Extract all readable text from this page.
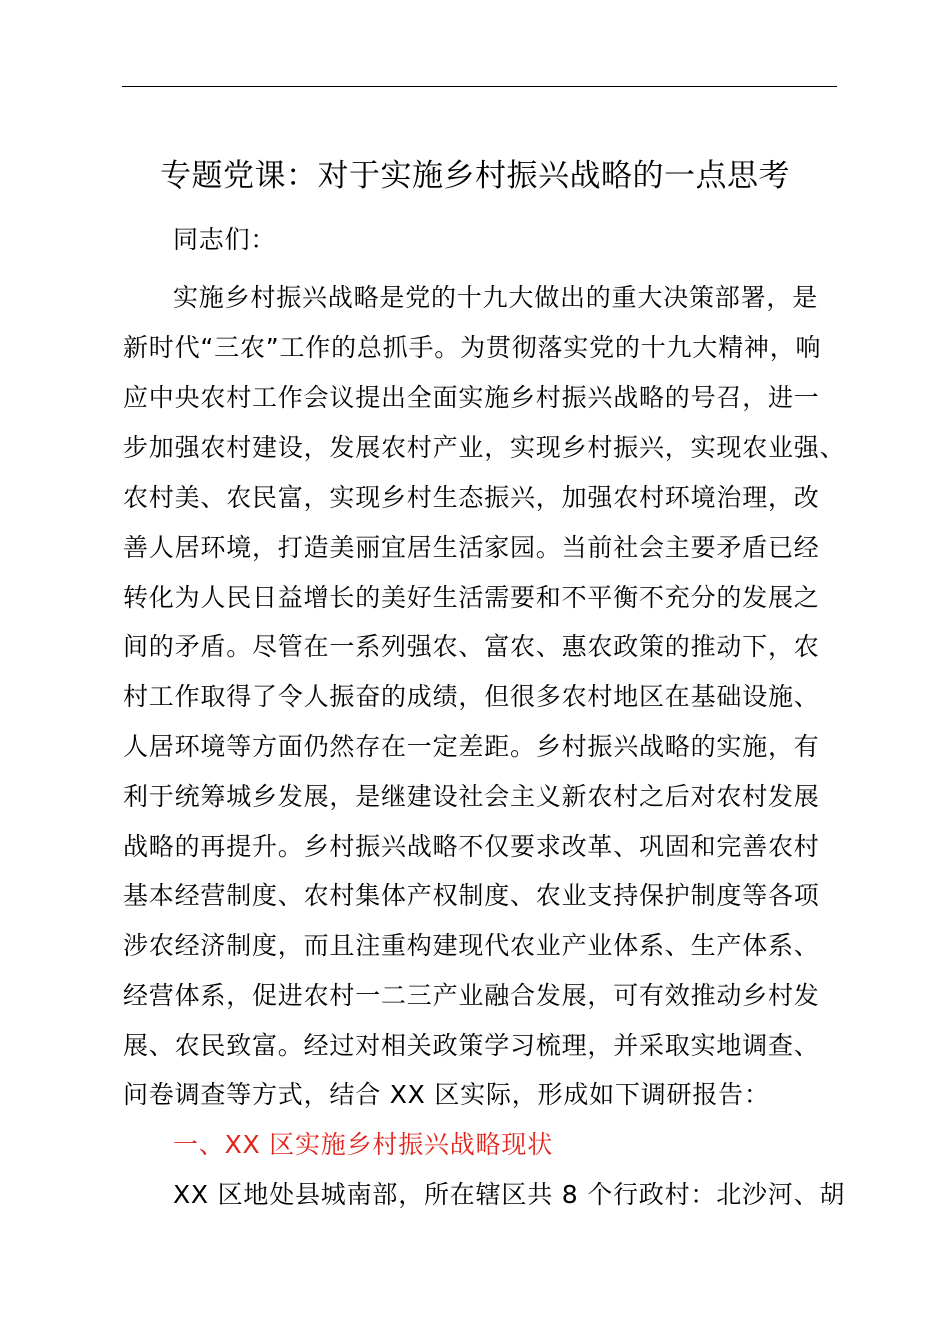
专题党课：对于实施乡村振兴战略的一点思考
同志们：
实施乡村振兴战略是党的十九大做出的重大决策部署，是
新时代“三农”工作的总抓手。为贯彻落实党的十九大精神，响
应中央农村工作会议提出全面实施乡村振兴战略的号召，进一
步加强农村建设，发展农村产业，实现乡村振兴，实现农业强、
农村美、农民富，实现乡村生态振兴，加强农村环境治理，改
善人居环境，打造美丽宜居生活家园。当前社会主要矛盾已经
转化为人民日益增长的美好生活需要和不平衡不充分的发展之
间的矛盾。尽管在一系列强农、富农、惠农政策的推动下，农
村工作取得了令人振奋的成绩，但很多农村地区在基础设施、
人居环境等方面仍然存在一定差距。乡村振兴战略的实施，有
利于统筹城乡发展，是继建设社会主义新农村之后对农村发展
战略的再提升。乡村振兴战略不仅要求改革、巩固和完善农村
基本经营制度、农村集体产权制度、农业支持保护制度等各项
涉农经济制度，而且注重构建现代农业产业体系、生产体系、
经营体系，促进农村一二三产业融合发展，可有效推动乡村发
展、农民致富。经过对相关政策学习梳理，并采取实地调查、
问卷调查等方式，结合 XX 区实际，形成如下调研报告：
一、XX 区实施乡村振兴战略现状
XX 区地处县城南部，所在辖区共 8 个行政村：北沙河、胡
